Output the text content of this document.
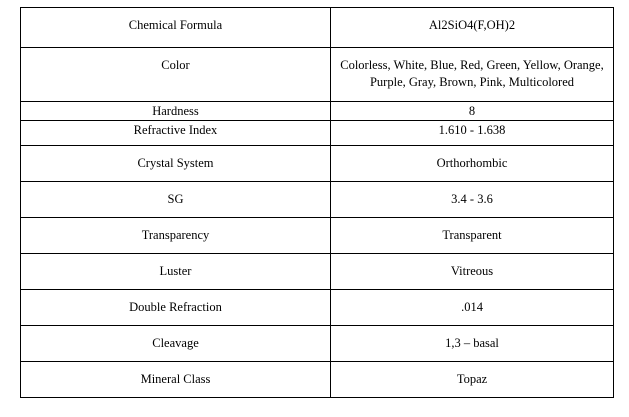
Chemical Formula	Al2SiO4(F,OH)2
Color	Colorless, White, Blue, Red, Green, Yellow, Orange, Purple, Gray, Brown, Pink, Multicolored
Hardness	8
Refractive Index	1.610 - 1.638
Crystal System	Orthorhombic
SG	3.4 - 3.6
Transparency	Transparent
Luster	Vitreous
Double Refraction	.014
Cleavage	1,3 – basal
Mineral Class	Topaz
